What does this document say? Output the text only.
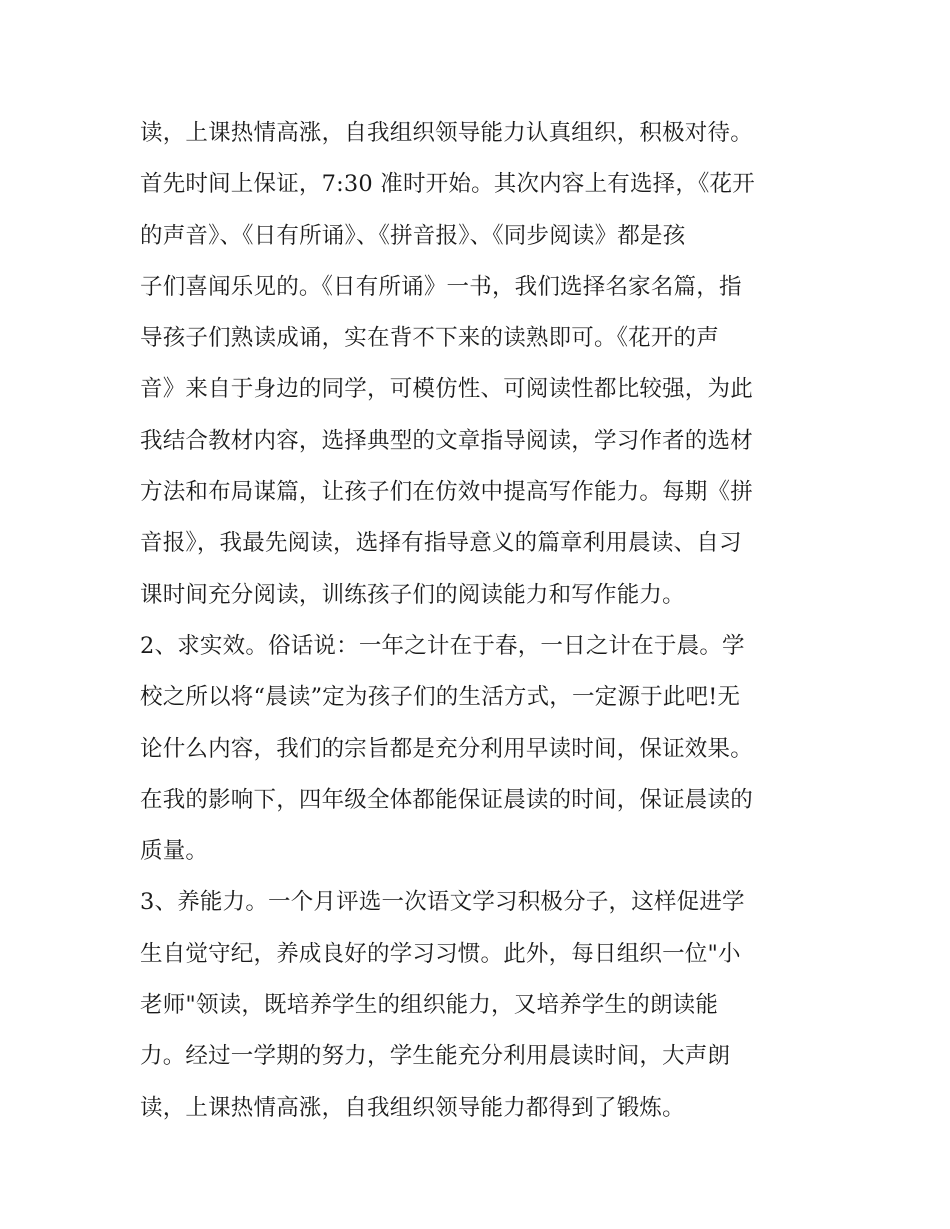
读，上课热情高涨，自我组织领导能力认真组织，积极对待。
首先时间上保证，7:30 准时开始。其次内容上有选择，《花开
的声音》、《日有所诵》、《拼音报》、《同步阅读》都是孩
子们喜闻乐见的。《日有所诵》一书，我们选择名家名篇，指
导孩子们熟读成诵，实在背不下来的读熟即可。《花开的声
音》来自于身边的同学，可模仿性、可阅读性都比较强，为此
我结合教材内容，选择典型的文章指导阅读，学习作者的选材
方法和布局谋篇，让孩子们在仿效中提高写作能力。每期《拼
音报》，我最先阅读，选择有指导意义的篇章利用晨读、自习
课时间充分阅读，训练孩子们的阅读能力和写作能力。
2、求实效。俗话说：一年之计在于春，一日之计在于晨。学
校之所以将“晨读”定为孩子们的生活方式，一定源于此吧!无
论什么内容，我们的宗旨都是充分利用早读时间，保证效果。
在我的影响下，四年级全体都能保证晨读的时间，保证晨读的
质量。
3、养能力。一个月评选一次语文学习积极分子，这样促进学
生自觉守纪，养成良好的学习习惯。此外，每日组织一位"小
老师"领读，既培养学生的组织能力，又培养学生的朗读能
力。经过一学期的努力，学生能充分利用晨读时间，大声朗
读，上课热情高涨，自我组织领导能力都得到了锻炼。
